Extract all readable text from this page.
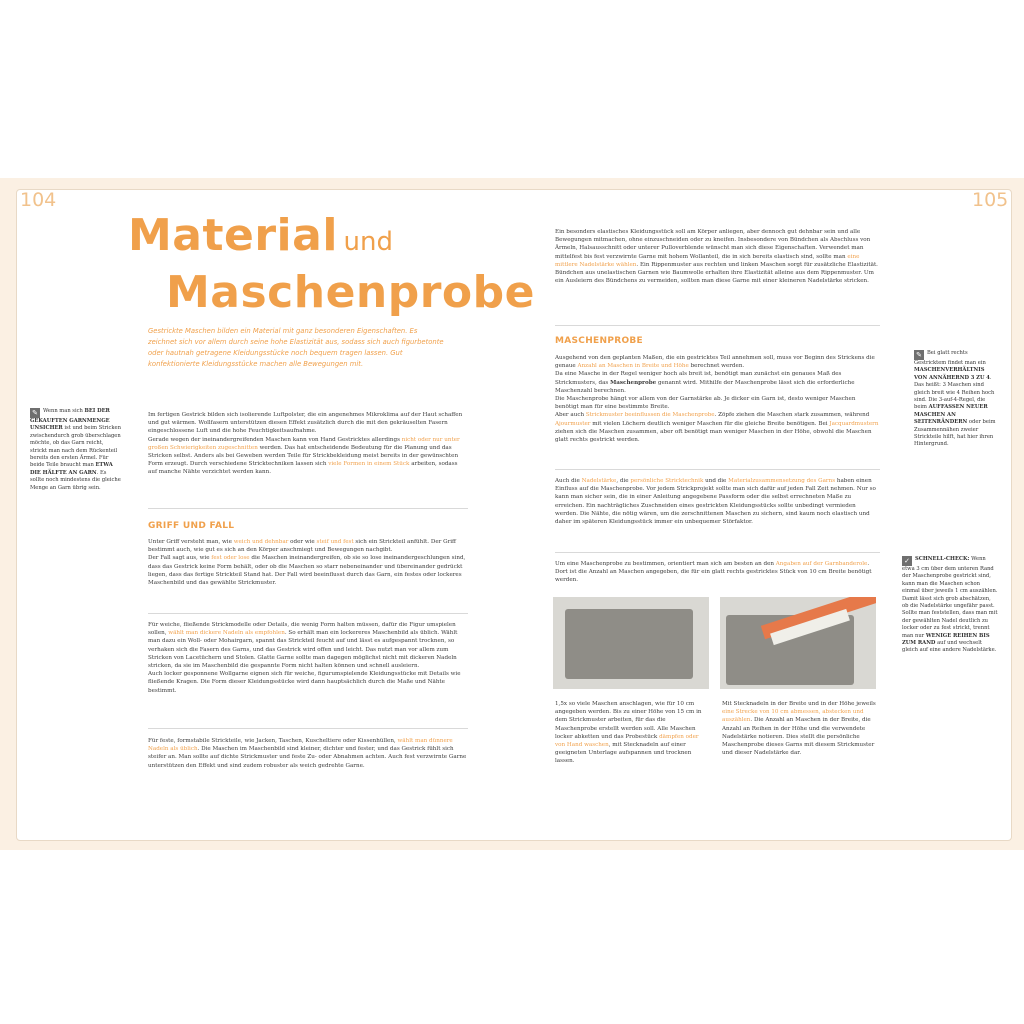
104	105
Material und
Maschenprobe
Gestrickte Maschen bilden ein Material mit ganz besonderen Eigenschaften. Es zeichnet sich vor allem durch seine hohe Elastizität aus, sodass sich auch figurbetonte oder hautnah getragene Kleidungsstücke noch bequem tragen lassen. Gut konfektionierte Kleidungsstücke machen alle Bewegungen mit.
✎ Wenn man sich BEI DER GEKAUFTEN GARNMENGE UNSICHER ist und beim Stricken zwischendurch grob überschlagen möchte, ob das Garn reicht, strickt man nach dem Rückenteil bereits den ersten Ärmel. Für beide Teile braucht man ETWA DIE HÄLFTE AN GARN. Es sollte noch mindestens die gleiche Menge an Garn übrig sein.

Im fertigen Gestrick bilden sich isolierende Luftpolster, die ein angenehmes Mikroklima auf der Haut schaffen und gut wärmen. Wollfasern unterstützen diesen Effekt zusätzlich durch die mit den gekräuselten Fasern eingeschlossene Luft und die hohe Feuchtigkeitsaufnahme.

Gerade wegen der ineinandergreifenden Maschen kann von Hand Gestricktes allerdings nicht oder nur unter großen Schwierigkeiten zugeschnitten werden. Das hat entscheidende Bedeutung für die Planung und das Stricken selbst. Anders als bei Geweben werden Teile für Strickbekleidung meist bereits in der gewünschten Form erzeugt. Durch verschiedene Stricktechniken lassen sich viele Formen in einem Stück arbeiten, sodass auf manche Nähte verzichtet werden kann.

GRIFF UND FALL

Unter Griff versteht man, wie weich und dehnbar oder wie steif und fest sich ein Strickteil anfühlt. Der Griff bestimmt auch, wie gut es sich an den Körper anschmiegt und Bewegungen nachgibt.

Der Fall sagt aus, wie fest oder lose die Maschen ineinandergreifen, ob sie so lose ineinandergeschlungen sind, dass das Gestrick keine Form behält, oder ob die Maschen so starr nebeneinander und übereinander gedrückt liegen, dass das fertige Strickteil Stand hat. Der Fall wird beeinflusst durch das Garn, ein festes oder lockeres Maschenbild und das gewählte Strickmuster.

Für weiche, fließende Strickmodelle oder Details, die wenig Form halten müssen, dafür die Figur umspielen sollen, wählt man dickere Nadeln als empfohlen. So erhält man ein lockereres Maschenbild als üblich. Wählt man dazu ein Woll- oder Mohairgarn, spannt das Strickteil feucht auf und lässt es aufgespannt trocknen, so verhaken sich die Fasern des Garns, und das Gestrick wird offen und leicht. Das nutzt man vor allem zum Stricken von Lacetüchern und Stolen. Glatte Garne sollte man dagegen möglichst nicht mit dickeren Nadeln stricken, da sie im Maschenbild die gespannte Form nicht halten können und schnell ausleiern.

Auch locker gesponnene Wollgarne eignen sich für weiche, figurumspielende Kleidungsstücke mit Details wie fließende Kragen. Die Form dieser Kleidungsstücke wird dann hauptsächlich durch die Maße und Nähte bestimmt.

Für feste, formstabile Strickteile, wie Jacken, Taschen, Kuscheltiere oder Kissenhüllen, wählt man dünnere Nadeln als üblich. Die Maschen im Maschenbild sind kleiner, dichter und fester, und das Gestrick fühlt sich steifer an. Man sollte auf dichte Strickmuster und feste Zu- oder Abnahmen achten. Auch fest verzwirnte Garne unterstützen den Effekt und sind zudem robuster als weich gedrehte Garne.

Ein besonders elastisches Kleidungsstück soll am Körper anliegen, aber dennoch gut dehnbar sein und alle Bewegungen mitmachen, ohne einzuschneiden oder zu kneifen. Insbesondere von Bündchen als Abschluss von Ärmeln, Halsausschnitt oder unterer Pulloverblende wünscht man sich diese Eigenschaften. Verwendet man mittelfest bis fest verzwirnte Garne mit hohem Wollanteil, die in sich bereits elastisch sind, sollte man eine mittlere Nadelstärke wählen. Ein Rippenmuster aus rechten und linken Maschen sorgt für zusätzliche Elastizität. Bündchen aus unelastischen Garnen wie Baumwolle erhalten ihre Elastizität alleine aus dem Rippenmuster. Um ein Ausleiern des Bündchens zu vermeiden, sollten man diese Garne mit einer kleineren Nadelstärke stricken.

MASCHENPROBE

Ausgehend von den geplanten Maßen, die ein gestricktes Teil annehmen soll, muss vor Beginn des Strickens die genaue Anzahl an Maschen in Breite und Höhe berechnet werden.

Da eine Masche in der Regel weniger hoch als breit ist, benötigt man zunächst ein genaues Maß des Strickmusters, das Maschenprobe genannt wird. Mithilfe der Maschenprobe lässt sich die erforderliche Maschenzahl berechnen.

Die Maschenprobe hängt vor allem von der Garnstärke ab. Je dicker ein Garn ist, desto weniger Maschen benötigt man für eine bestimmte Breite.

Aber auch Strickmuster beeinflussen die Maschenprobe. Zöpfe ziehen die Maschen stark zusammen, während Ajourmuster mit vielen Löchern deutlich weniger Maschen für die gleiche Breite benötigen. Bei Jacquardmustern ziehen sich die Maschen zusammen, aber oft benötigt man weniger Maschen in der Höhe, obwohl die Maschen glatt rechts gestrickt werden.

Auch die Nadelstärke, die persönliche Stricktechnik und die Materialzusammensetzung des Garns haben einen Einfluss auf die Maschenprobe. Vor jedem Strickprojekt sollte man sich dafür auf jeden Fall Zeit nehmen. Nur so kann man sicher sein, die in einer Anleitung angegebene Passform oder die selbst errechneten Maße zu erreichen. Ein nachträgliches Zuschneiden eines gestrickten Kleidungsstücks sollte unbedingt vermieden werden. Die Nähte, die nötig wären, um die zerschnittenen Maschen zu sichern, sind kaum noch elastisch und daher im späteren Kleidungsstück immer ein unbequemer Störfaktor.

Um eine Maschenprobe zu bestimmen, orientiert man sich am besten an den Angaben auf der Garnbanderole. Dort ist die Anzahl an Maschen angegeben, die für ein glatt rechts gestricktes Stück von 10 cm Breite benötigt werden.

1,5x so viele Maschen anschlagen, wie für 10 cm angegeben werden. Bis zu einer Höhe von 15 cm in dem Strickmuster arbeiten, für das die Maschenprobe erstellt werden soll. Alle Maschen locker abketten und das Probestück dämpfen oder von Hand waschen, mit Stecknadeln auf einer geeigneten Unterlage aufspannen und trocknen lassen.

Mit Stecknadeln in der Breite und in der Höhe jeweils eine Strecke von 10 cm abmessen, abstecken und auszählen. Die Anzahl an Maschen in der Breite, die Anzahl an Reihen in der Höhe und die verwendete Nadelstärke notieren. Dies stellt die persönliche Maschenprobe dieses Garns mit diesem Strickmuster und dieser Nadelstärke dar.

✎ Bei glatt rechts Gestricktem findet man ein MASCHENVERHÄLTNIS VON ANNÄHERND 3 ZU 4. Das heißt: 3 Maschen sind gleich breit wie 4 Reihen hoch sind. Die 3-auf-4-Regel, die beim AUFFASSEN NEUER MASCHEN AN SEITENRÄNDERN oder beim Zusammennähen zweier Strickteile hilft, hat hier ihren Hintergrund.
✓ SCHNELL-CHECK: Wenn etwa 3 cm über dem unteren Rand der Maschenprobe gestrickt sind, kann man die Maschen schon einmal über jeweils 1 cm auszählen. Damit lässt sich grob abschätzen, ob die Nadelstärke ungefähr passt. Sollte man feststellen, dass man mit der gewählten Nadel deutlich zu locker oder zu fest strickt, trennt man nur WENIGE REIHEN BIS ZUM RAND auf und wechselt gleich auf eine andere Nadelstärke.
